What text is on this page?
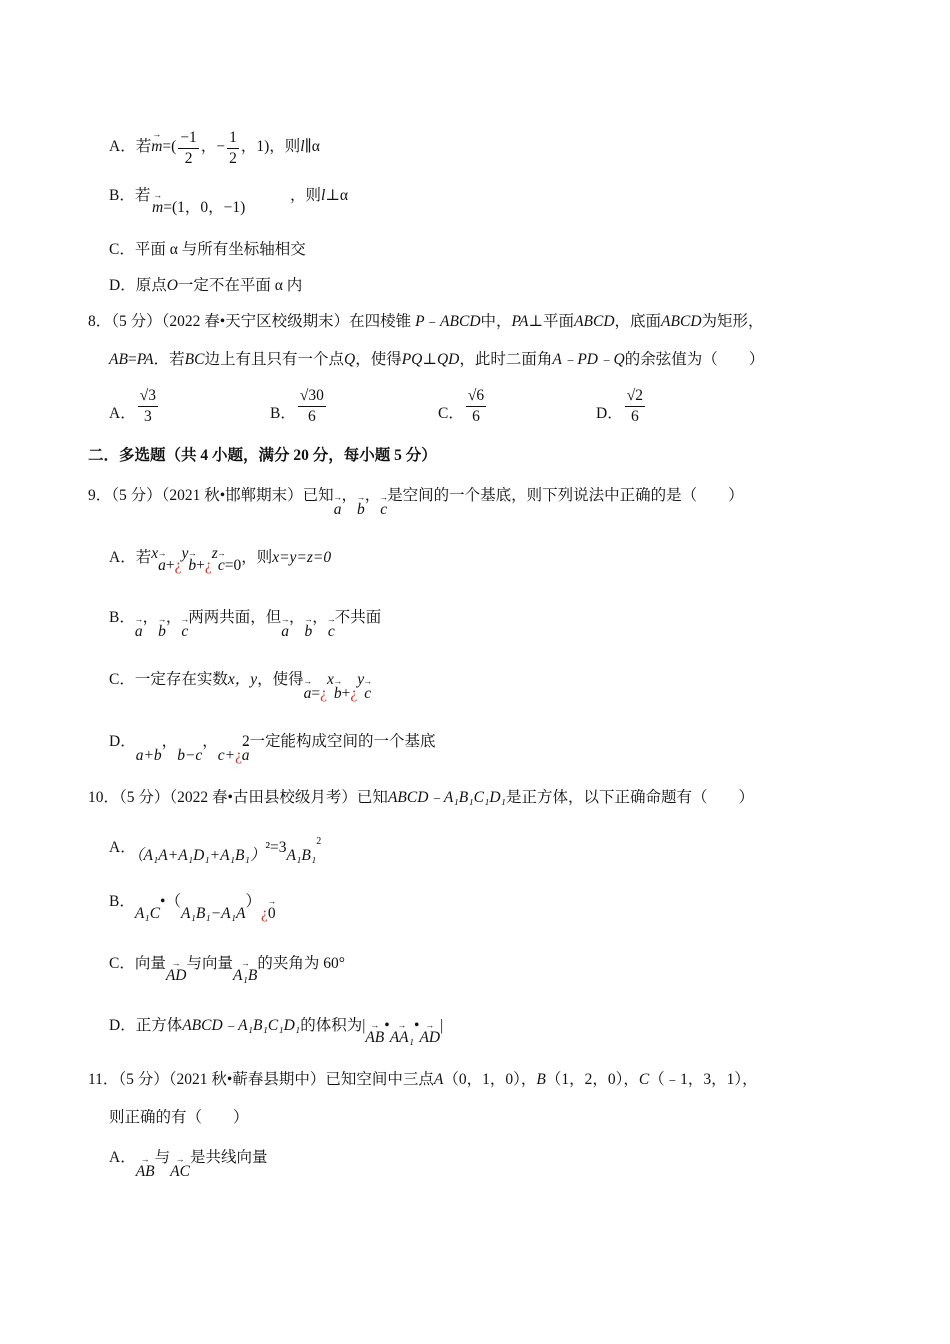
A．若→ $m=( \frac{-1}{2}$ ，− $\frac{1}{2}$ ，1)，则l∥α
B．若
→ m=(1，0，−1)
，则l⊥α
C．平面 α 与所有坐标轴相交
D．原点O一定不在平面 α 内
8．（5 分）（2022 春•天宁区校级期末）在四棱锥 P﹣ABCD中，PA⊥平面ABCD，底面ABCD为矩形，
AB=PA．若BC边上有且只有一个点Q，使得PQ⊥QD，此时二面角A﹣PD﹣Q的余弦值为（　　）
A． $\frac{√3}{3}$	B． $\frac{√30}{6}$	C． $\frac{√6}{6}$	D． $\frac{√2}{6}$
二．多选题（共 4 小题，满分 20 分，每小题 5 分）
9．（5 分）（2021 秋•邯郸期末）已知→ a，→ b，→ c是空间的一个基底，则下列说法中正确的是（　　）
A．若x→ a+¿y→ b+¿z→ c=0，则x=y=z=0
B．→ a，→ b，→ c两两共面，但→ a，→ b，→ c不共面
C．一定存在实数x，y，使得→ a=¿x→ b+¿y→ c
D．a+b，b−c，c+¿2→ a一定能构成空间的一个基底
10．（5 分）（2022 春•古田县校级月考）已知ABCD﹣A₁B₁C₁D₁是正方体，以下正确命题有（　　）
A．（A₁A+A₁D₁+A₁B₁）²=3A₁B₁$^2$
B．A₁C•（A₁B₁−A₁A）¿→ 0
C．向量→ AD与向量→ A₁B的夹角为 60°
D．正方体ABCD﹣A₁B₁C₁D₁的体积为|→ AB•→ AA₁•→ AD|
11．（5 分）（2021 秋•蕲春县期中）已知空间中三点A（0，1，0），B（1，2，0），C（﹣1，3，1），
则正确的有（　　）
A．→ AB与→ AC是共线向量
